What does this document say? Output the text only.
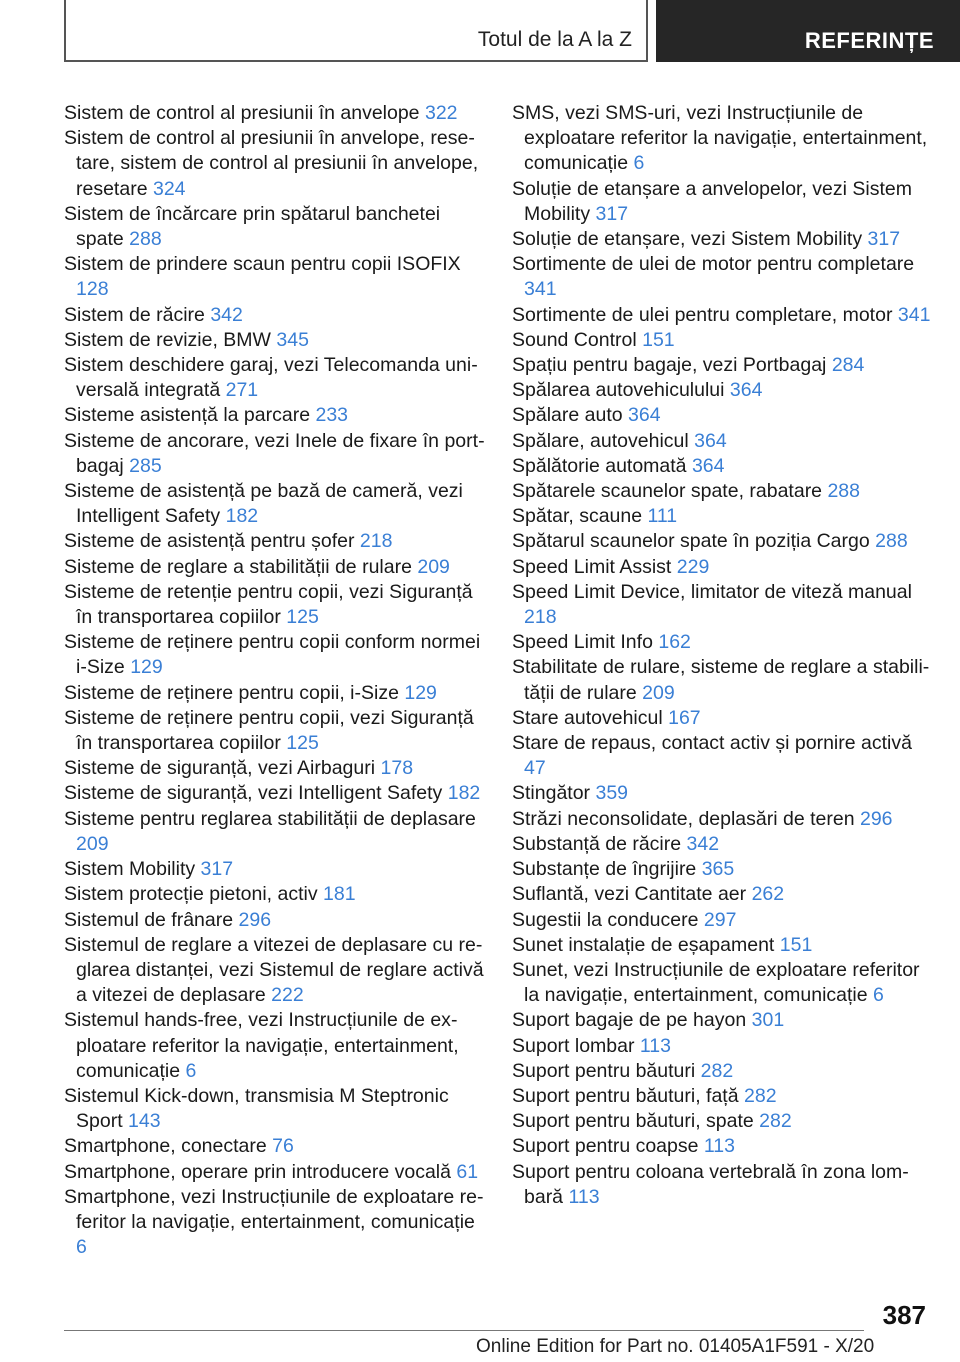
Totul de la A la Z	REFERINȚE

Sistem de control al presiunii în anvelope 322

Sistem de control al presiunii în anvelope, resetare, sistem de control al presiunii în anvelope, resetare 324

Sistem de încărcare prin spătarul banchetei spate 288

Sistem de prindere scaun pentru copii ISOFIX 128

Sistem de răcire 342

Sistem de revizie, BMW 345

Sistem deschidere garaj, vezi Telecomanda universală integrată 271

Sisteme asistență la parcare 233

Sisteme de ancorare, vezi Inele de fixare în portbagaj 285

Sisteme de asistență pe bază de cameră, vezi Intelligent Safety 182

Sisteme de asistență pentru șofer 218

Sisteme de reglare a stabilității de rulare 209

Sisteme de retenție pentru copii, vezi Siguranță în transportarea copiilor 125

Sisteme de reținere pentru copii conform normei i-Size 129

Sisteme de reținere pentru copii, i-Size 129

Sisteme de reținere pentru copii, vezi Siguranță în transportarea copiilor 125

Sisteme de siguranță, vezi Airbaguri 178

Sisteme de siguranță, vezi Intelligent Safety 182

Sisteme pentru reglarea stabilității de deplasare 209

Sistem Mobility 317

Sistem protecție pietoni, activ 181

Sistemul de frânare 296

Sistemul de reglare a vitezei de deplasare cu reglarea distanței, vezi Sistemul de reglare activă a vitezei de deplasare 222

Sistemul hands-free, vezi Instrucțiunile de exploatare referitor la navigație, entertainment, comunicație 6

Sistemul Kick-down, transmisia M Steptronic Sport 143

Smartphone, conectare 76

Smartphone, operare prin introducere vocală 61

Smartphone, vezi Instrucțiunile de exploatare referitor la navigație, entertainment, comunicație 6

SMS, vezi SMS-uri, vezi Instrucțiunile de exploatare referitor la navigație, entertainment, comunicație 6

Soluție de etanșare a anvelopelor, vezi Sistem Mobility 317

Soluție de etanșare, vezi Sistem Mobility 317

Sortimente de ulei de motor pentru completare 341

Sortimente de ulei pentru completare, motor 341

Sound Control 151

Spațiu pentru bagaje, vezi Portbagaj 284

Spălarea autovehiculului 364

Spălare auto 364

Spălare, autovehicul 364

Spălătorie automată 364

Spătarele scaunelor spate, rabatare 288

Spătar, scaune 111

Spătarul scaunelor spate în poziția Cargo 288

Speed Limit Assist 229

Speed Limit Device, limitator de viteză manual 218

Speed Limit Info 162

Stabilitate de rulare, sisteme de reglare a stabilității de rulare 209

Stare autovehicul 167

Stare de repaus, contact activ și pornire activă 47

Stingător 359

Străzi neconsolidate, deplasări de teren 296

Substanță de răcire 342

Substanțe de îngrijire 365

Suflantă, vezi Cantitate aer 262

Sugestii la conducere 297

Sunet instalație de eșapament 151

Sunet, vezi Instrucțiunile de exploatare referitor la navigație, entertainment, comunicație 6

Suport bagaje de pe hayon 301

Suport lombar 113

Suport pentru băuturi 282

Suport pentru băuturi, față 282

Suport pentru băuturi, spate 282

Suport pentru coapse 113

Suport pentru coloana vertebrală în zona lombară 113

387
Online Edition for Part no. 01405A1F591 - X/20
